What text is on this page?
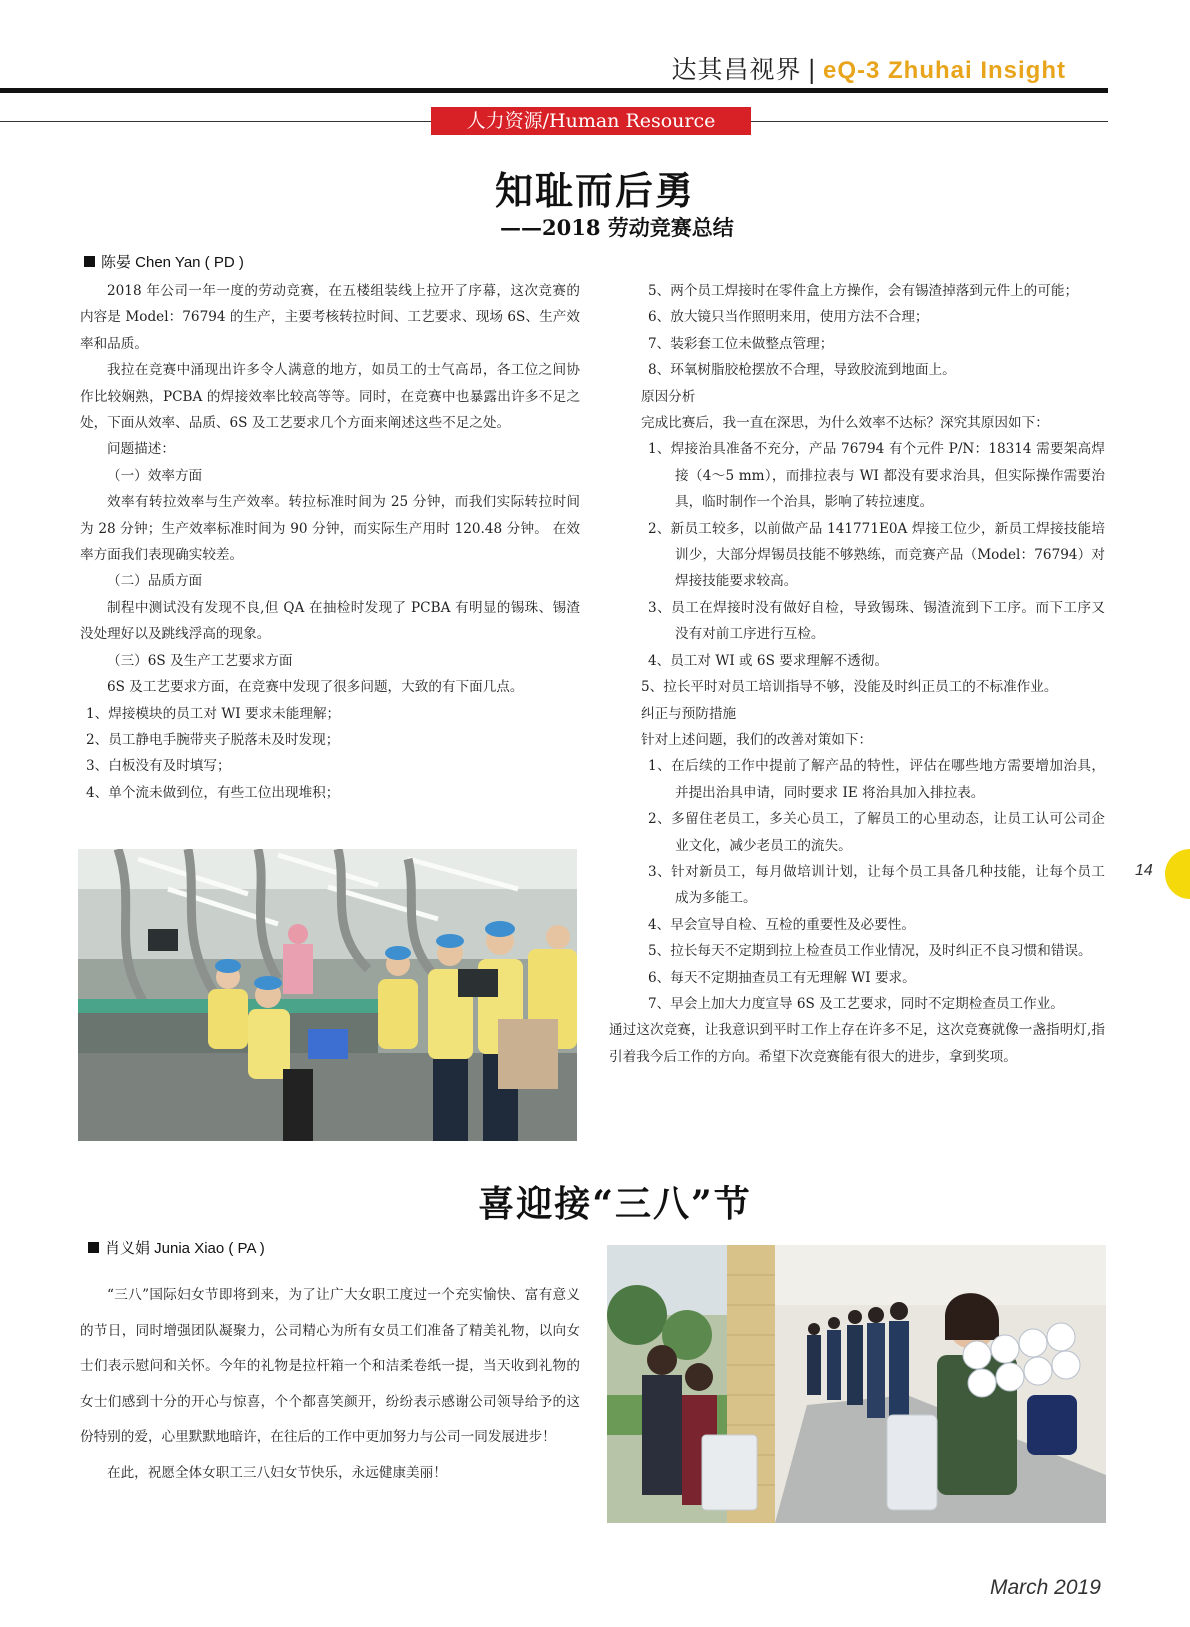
达其昌视界 | eQ-3 Zhuhai Insight
人力资源/Human Resource
知耻而后勇
——2018 劳动竞赛总结
陈晏 Chen Yan ( PD )

2018 年公司一年一度的劳动竞赛，在五楼组装线上拉开了序幕，这次竞赛的内容是 Model：76794 的生产，主要考核转拉时间、工艺要求、现场 6S、生产效率和品质。

我拉在竞赛中涌现出许多令人满意的地方，如员工的士气高昂，各工位之间协作比较娴熟，PCBA 的焊接效率比较高等等。同时，在竞赛中也暴露出许多不足之处，下面从效率、品质、6S 及工艺要求几个方面来阐述这些不足之处。

问题描述：

（一）效率方面

效率有转拉效率与生产效率。转拉标准时间为 25 分钟，而我们实际转拉时间为 28 分钟；生产效率标准时间为 90 分钟，而实际生产用时 120.48 分钟。 在效率方面我们表现确实较差。

（二）品质方面

制程中测试没有发现不良,但 QA 在抽检时发现了 PCBA 有明显的锡珠、锡渣没处理好以及跳线浮高的现象。

（三）6S 及生产工艺要求方面

6S 及工艺要求方面，在竞赛中发现了很多问题，大致的有下面几点。

1、焊接模块的员工对 WI 要求未能理解；

2、员工静电手腕带夹子脱落未及时发现；

3、白板没有及时填写；

4、单个流未做到位，有些工位出现堆积；

5、两个员工焊接时在零件盒上方操作，会有锡渣掉落到元件上的可能；

6、放大镜只当作照明来用，使用方法不合理；

7、装彩套工位未做整点管理；

8、环氧树脂胶枪摆放不合理，导致胶流到地面上。

原因分析

完成比赛后，我一直在深思，为什么效率不达标？深究其原因如下：

1、焊接治具准备不充分，产品 76794 有个元件 P/N：18314 需要架高焊接（4～5 mm），而排拉表与 WI 都没有要求治具，但实际操作需要治具，临时制作一个治具，影响了转拉速度。

2、新员工较多，以前做产品 141771E0A 焊接工位少，新员工焊接技能培训少，大部分焊锡员技能不够熟练，而竞赛产品（Model：76794）对焊接技能要求较高。

3、员工在焊接时没有做好自检，导致锡珠、锡渣流到下工序。而下工序又没有对前工序进行互检。

4、员工对 WI 或 6S 要求理解不透彻。

5、拉长平时对员工培训指导不够，没能及时纠正员工的不标准作业。

纠正与预防措施

针对上述问题，我们的改善对策如下：

1、在后续的工作中提前了解产品的特性，评估在哪些地方需要增加治具，并提出治具申请，同时要求 IE 将治具加入排拉表。

2、多留住老员工，多关心员工，了解员工的心里动态，让员工认可公司企业文化，减少老员工的流失。

3、针对新员工，每月做培训计划，让每个员工具备几种技能，让每个员工成为多能工。

4、早会宣导自检、互检的重要性及必要性。

5、拉长每天不定期到拉上检查员工作业情况，及时纠正不良习惯和错误。

6、每天不定期抽查员工有无理解 WI 要求。

7、早会上加大力度宣导 6S 及工艺要求，同时不定期检查员工作业。

通过这次竞赛，让我意识到平时工作上存在许多不足，这次竞赛就像一盏指明灯,指引着我今后工作的方向。希望下次竞赛能有很大的进步，拿到奖项。

喜迎接“三八”节
肖义娟 Junia Xiao ( PA )

“三八”国际妇女节即将到来，为了让广大女职工度过一个充实愉快、富有意义的节日，同时增强团队凝聚力，公司精心为所有女员工们准备了精美礼物，以向女士们表示慰问和关怀。今年的礼物是拉杆箱一个和洁柔卷纸一提，当天收到礼物的女士们感到十分的开心与惊喜，个个都喜笑颜开，纷纷表示感谢公司领导给予的这份特别的爱，心里默默地暗许，在往后的工作中更加努力与公司一同发展进步！

在此，祝愿全体女职工三八妇女节快乐，永远健康美丽！

14
March 2019
